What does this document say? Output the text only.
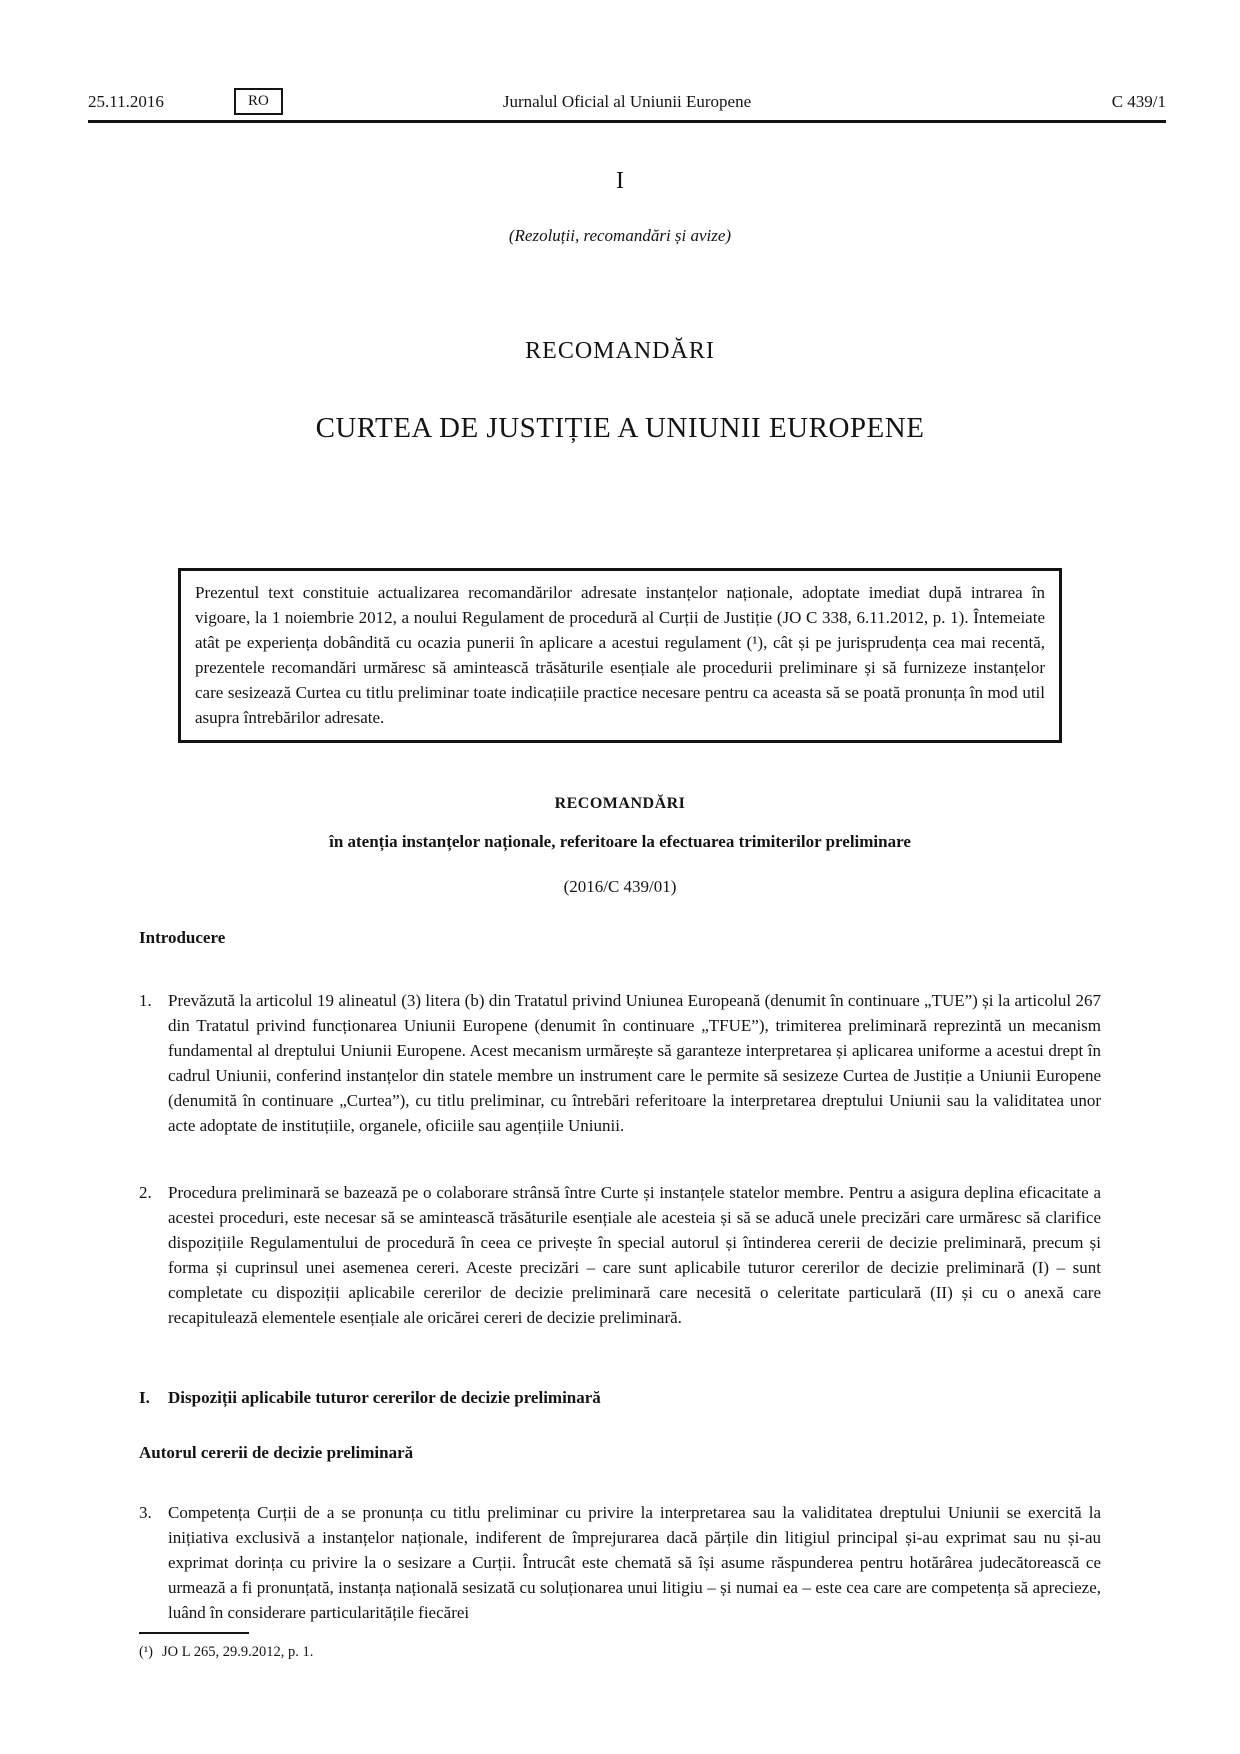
25.11.2016	RO	Jurnalul Oficial al Uniunii Europene	C 439/1
I
(Rezoluții, recomandări și avize)
RECOMANDĂRI
CURTEA DE JUSTIȚIE A UNIUNII EUROPENE

Prezentul text constituie actualizarea recomandărilor adresate instanțelor naționale, adoptate imediat după intrarea în vigoare, la 1 noiembrie 2012, a noului Regulament de procedură al Curții de Justiție (JO C 338, 6.11.2012, p. 1). Întemeiate atât pe experiența dobândită cu ocazia punerii în aplicare a acestui regulament (¹), cât și pe jurisprudența cea mai recentă, prezentele recomandări urmăresc să amintească trăsăturile esențiale ale procedurii preliminare și să furnizeze instanțelor care sesizează Curtea cu titlu preliminar toate indicațiile practice necesare pentru ca aceasta să se poată pronunța în mod util asupra întrebărilor adresate.

RECOMANDĂRI
în atenția instanțelor naționale, referitoare la efectuarea trimiterilor preliminare
(2016/C 439/01)
Introducere
1. Prevăzută la articolul 19 alineatul (3) litera (b) din Tratatul privind Uniunea Europeană (denumit în continuare „TUE”) și la articolul 267 din Tratatul privind funcționarea Uniunii Europene (denumit în continuare „TFUE”), trimiterea preliminară reprezintă un mecanism fundamental al dreptului Uniunii Europene. Acest mecanism urmărește să garanteze interpretarea și aplicarea uniforme a acestui drept în cadrul Uniunii, conferind instanțelor din statele membre un instrument care le permite să sesizeze Curtea de Justiție a Uniunii Europene (denumită în continuare „Curtea”), cu titlu preliminar, cu întrebări referitoare la interpretarea dreptului Uniunii sau la validitatea unor acte adoptate de instituțiile, organele, oficiile sau agențiile Uniunii.
2. Procedura preliminară se bazează pe o colaborare strânsă între Curte și instanțele statelor membre. Pentru a asigura deplina eficacitate a acestei proceduri, este necesar să se amintească trăsăturile esențiale ale acesteia și să se aducă unele precizări care urmăresc să clarifice dispozițiile Regulamentului de procedură în ceea ce privește în special autorul și întinderea cererii de decizie preliminară, precum și forma și cuprinsul unei asemenea cereri. Aceste precizări – care sunt aplicabile tuturor cererilor de decizie preliminară (I) – sunt completate cu dispoziții aplicabile cererilor de decizie preliminară care necesită o celeritate particulară (II) și cu o anexă care recapitulează elementele esențiale ale oricărei cereri de decizie preliminară.
I.	Dispoziții aplicabile tuturor cererilor de decizie preliminară
Autorul cererii de decizie preliminară
3. Competența Curții de a se pronunța cu titlu preliminar cu privire la interpretarea sau la validitatea dreptului Uniunii se exercită la inițiativa exclusivă a instanțelor naționale, indiferent de împrejurarea dacă părțile din litigiul principal și-au exprimat sau nu și-au exprimat dorința cu privire la o sesizare a Curții. Întrucât este chemată să își asume răspunderea pentru hotărârea judecătorească ce urmează a fi pronunțată, instanța națională sesizată cu soluționarea unui litigiu – și numai ea – este cea care are competența să aprecieze, luând în considerare particularitățile fiecărei
(¹) JO L 265, 29.9.2012, p. 1.
